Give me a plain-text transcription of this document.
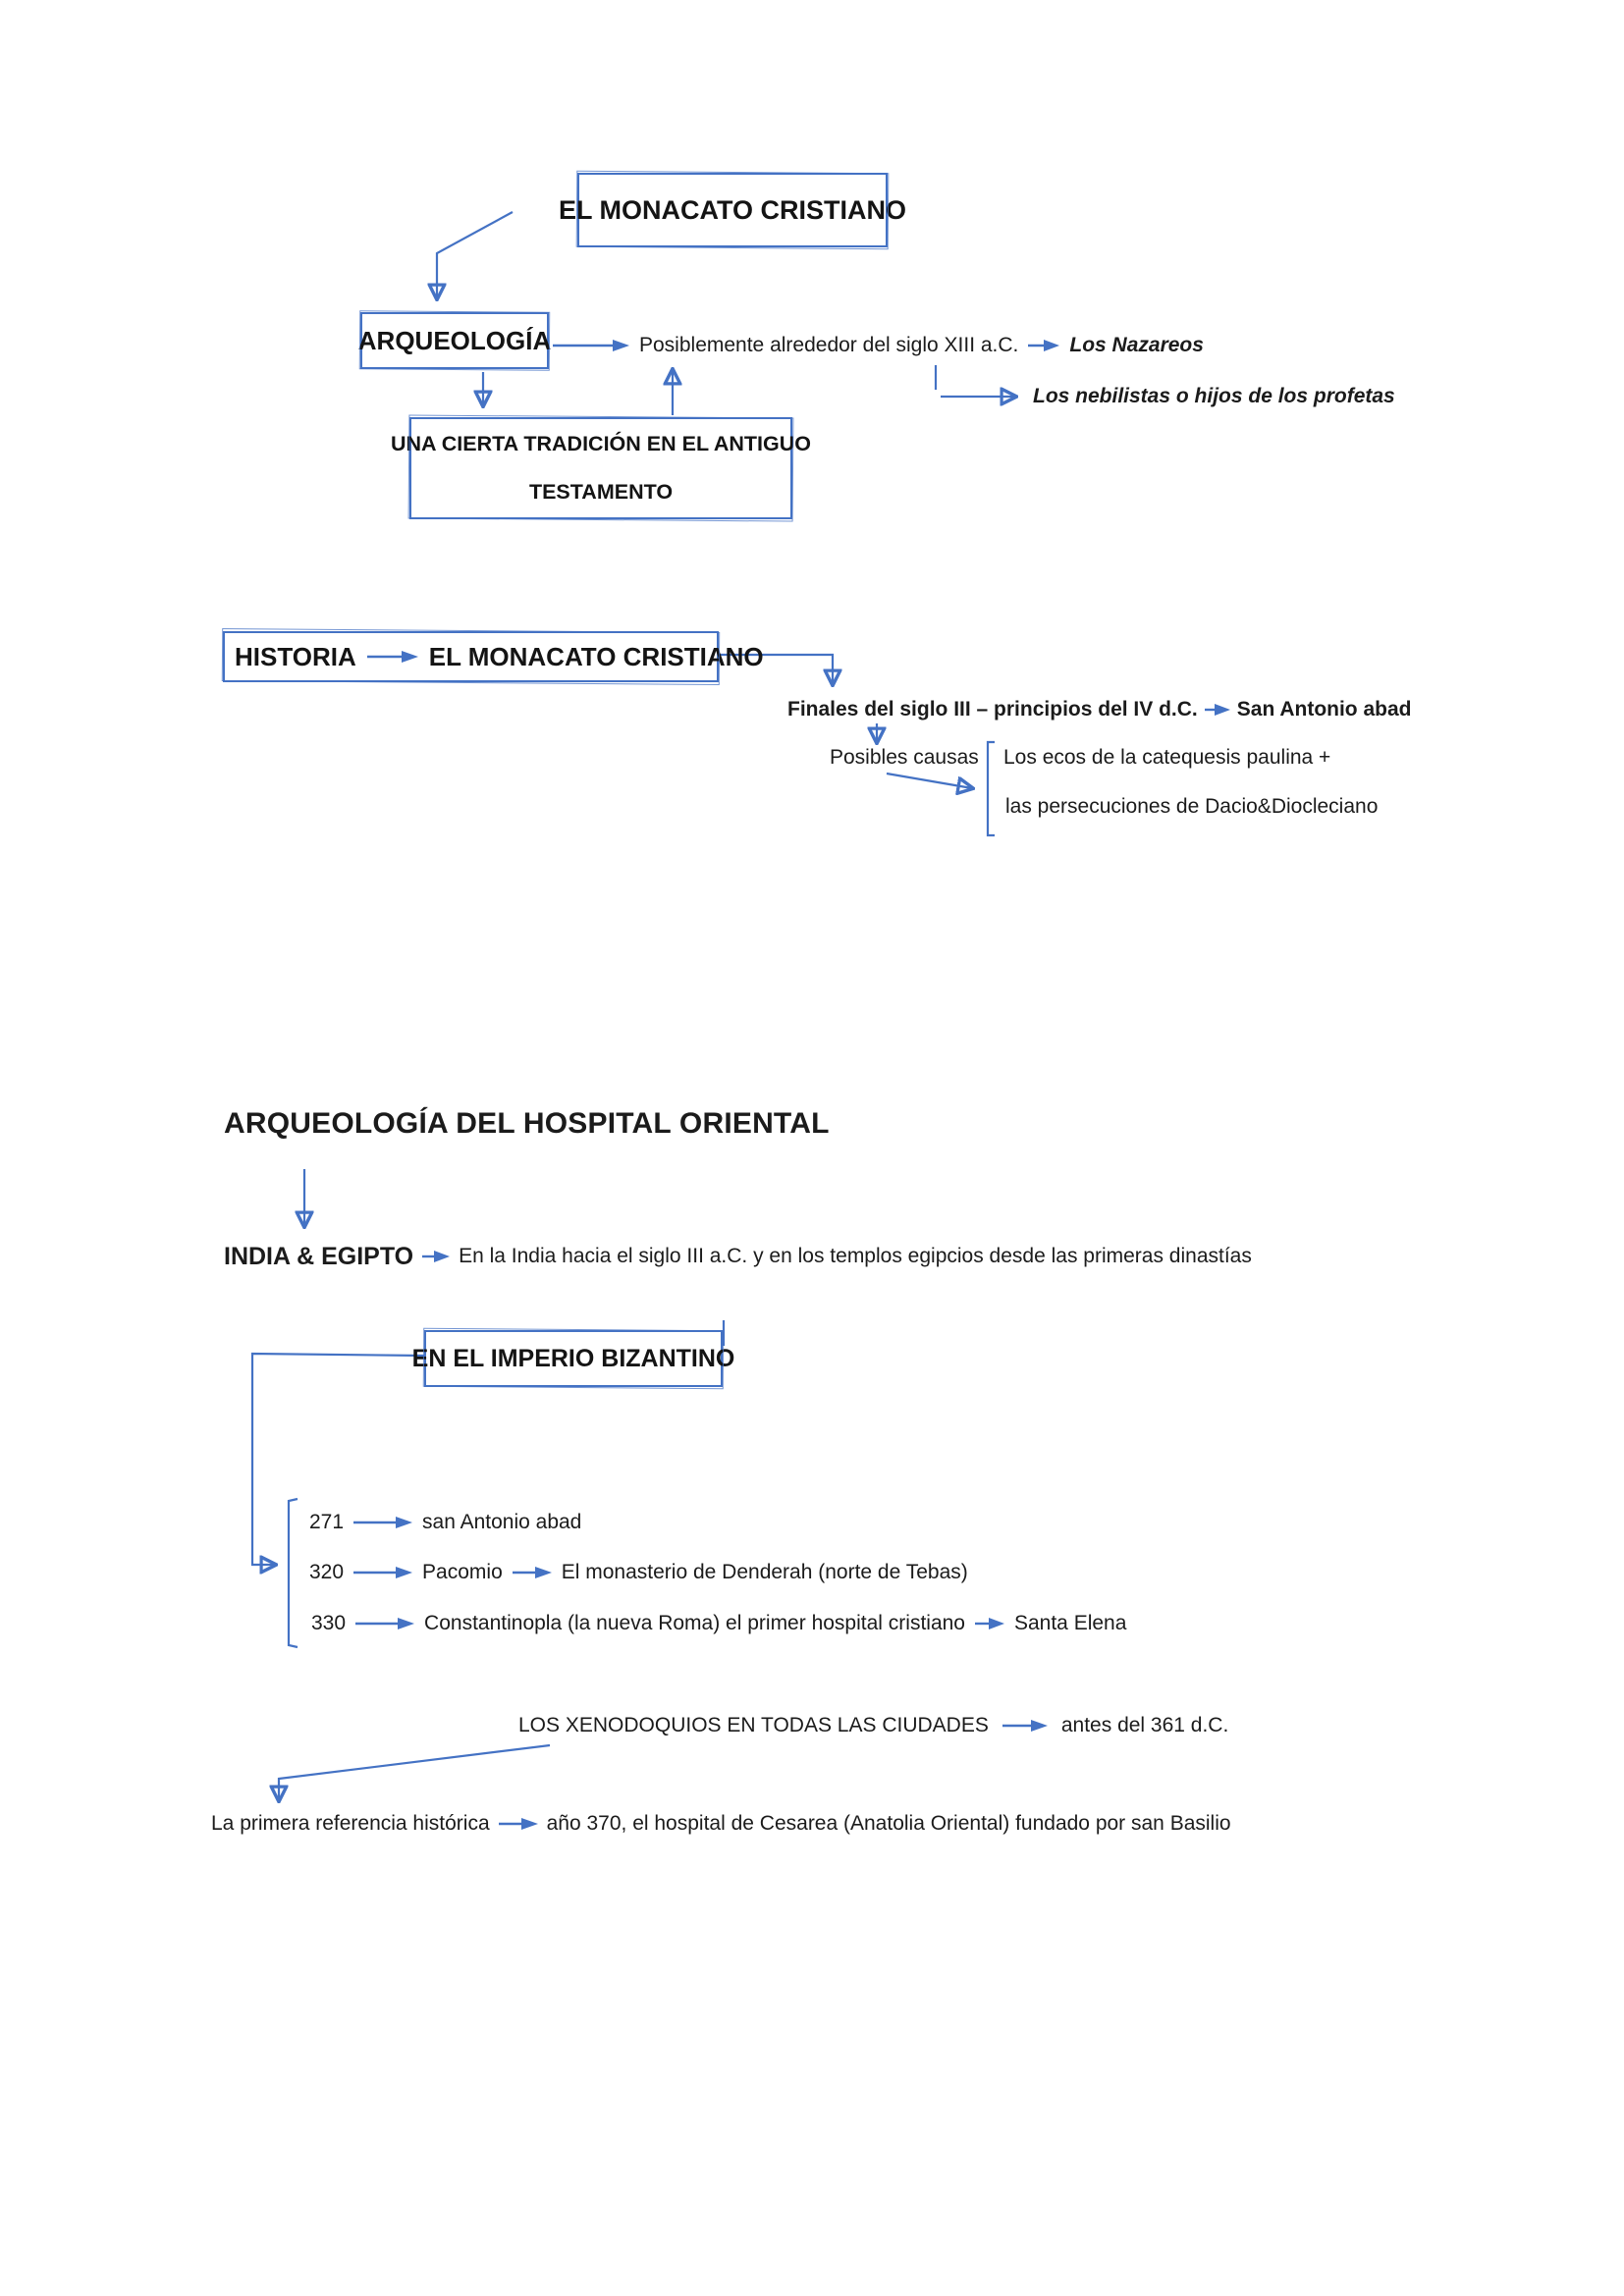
EL MONACATO CRISTIANO
ARQUEOLOGÍA	Posiblemente alrededor del siglo XIII a.C. Los Nazareos
Los nebilistas o hijos de los profetas
UNA CIERTA TRADICIÓN EN EL ANTIGUO
TESTAMENTO
HISTORIA	EL MONACATO CRISTIANO
Finales del siglo III – principios del IV d.C. San Antonio abad
Posibles causas Los ecos de la catequesis paulina +
las persecuciones de Dacio&Diocleciano
ARQUEOLOGÍA DEL HOSPITAL ORIENTAL
INDIA & EGIPTO En la India hacia el siglo III a.C. y en los templos egipcios desde las primeras dinastías
EN EL IMPERIO BIZANTINO
271	san Antonio abad
320	Pacomio	El monasterio de Denderah (norte de Tebas)
330	Constantinopla (la nueva Roma) el primer hospital cristiano Santa Elena
LOS XENODOQUIOS EN TODAS LAS CIUDADES	antes del 361 d.C.
La primera referencia histórica	año 370, el hospital de Cesarea (Anatolia Oriental) fundado por san Basilio
